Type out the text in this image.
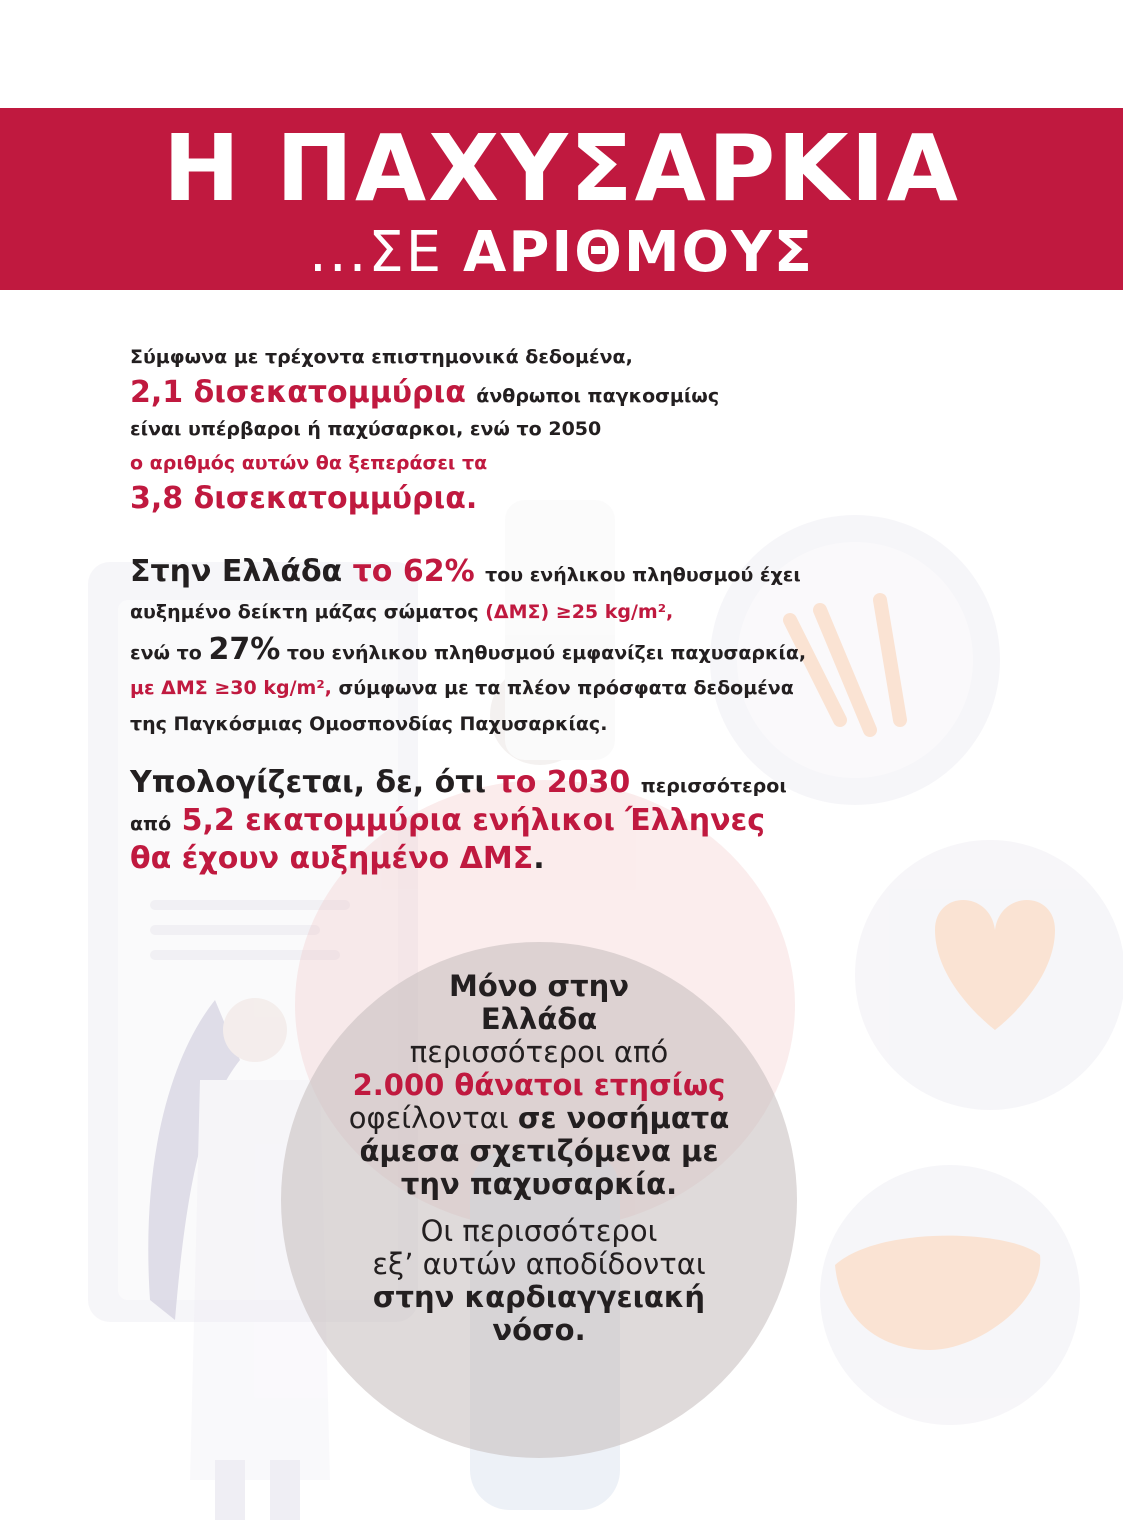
Η ΠΑΧΥΣΑΡΚΙΑ
...ΣΕ ΑΡΙΘΜΟΥΣ
Σύμφωνα με τρέχοντα επιστημονικά δεδομένα,
2,1 δισεκατομμύρια άνθρωποι παγκοσμίως
είναι υπέρβαροι ή παχύσαρκοι, ενώ το 2050
ο αριθμός αυτών θα ξεπεράσει τα
3,8 δισεκατομμύρια.
Στην Ελλάδα το 62% του ενήλικου πληθυσμού έχει
αυξημένο δείκτη μάζας σώματος (ΔΜΣ) ≥25 kg/m²,
ενώ το 27% του ενήλικου πληθυσμού εμφανίζει παχυσαρκία,
με ΔΜΣ ≥30 kg/m², σύμφωνα με τα πλέον πρόσφατα δεδομένα
της Παγκόσμιας Ομοσπονδίας Παχυσαρκίας.
Υπολογίζεται, δε, ότι το 2030 περισσότεροι
από 5,2 εκατομμύρια ενήλικοι Έλληνες
θα έχουν αυξημένο ΔΜΣ.
Μόνο στην
Ελλάδα
περισσότεροι από
2.000 θάνατοι ετησίως
οφείλονται σε νοσήματα
άμεσα σχετιζόμενα με
την παχυσαρκία.
Οι περισσότεροι
εξ’ αυτών αποδίδονται
στην καρδιαγγειακή
νόσο.
